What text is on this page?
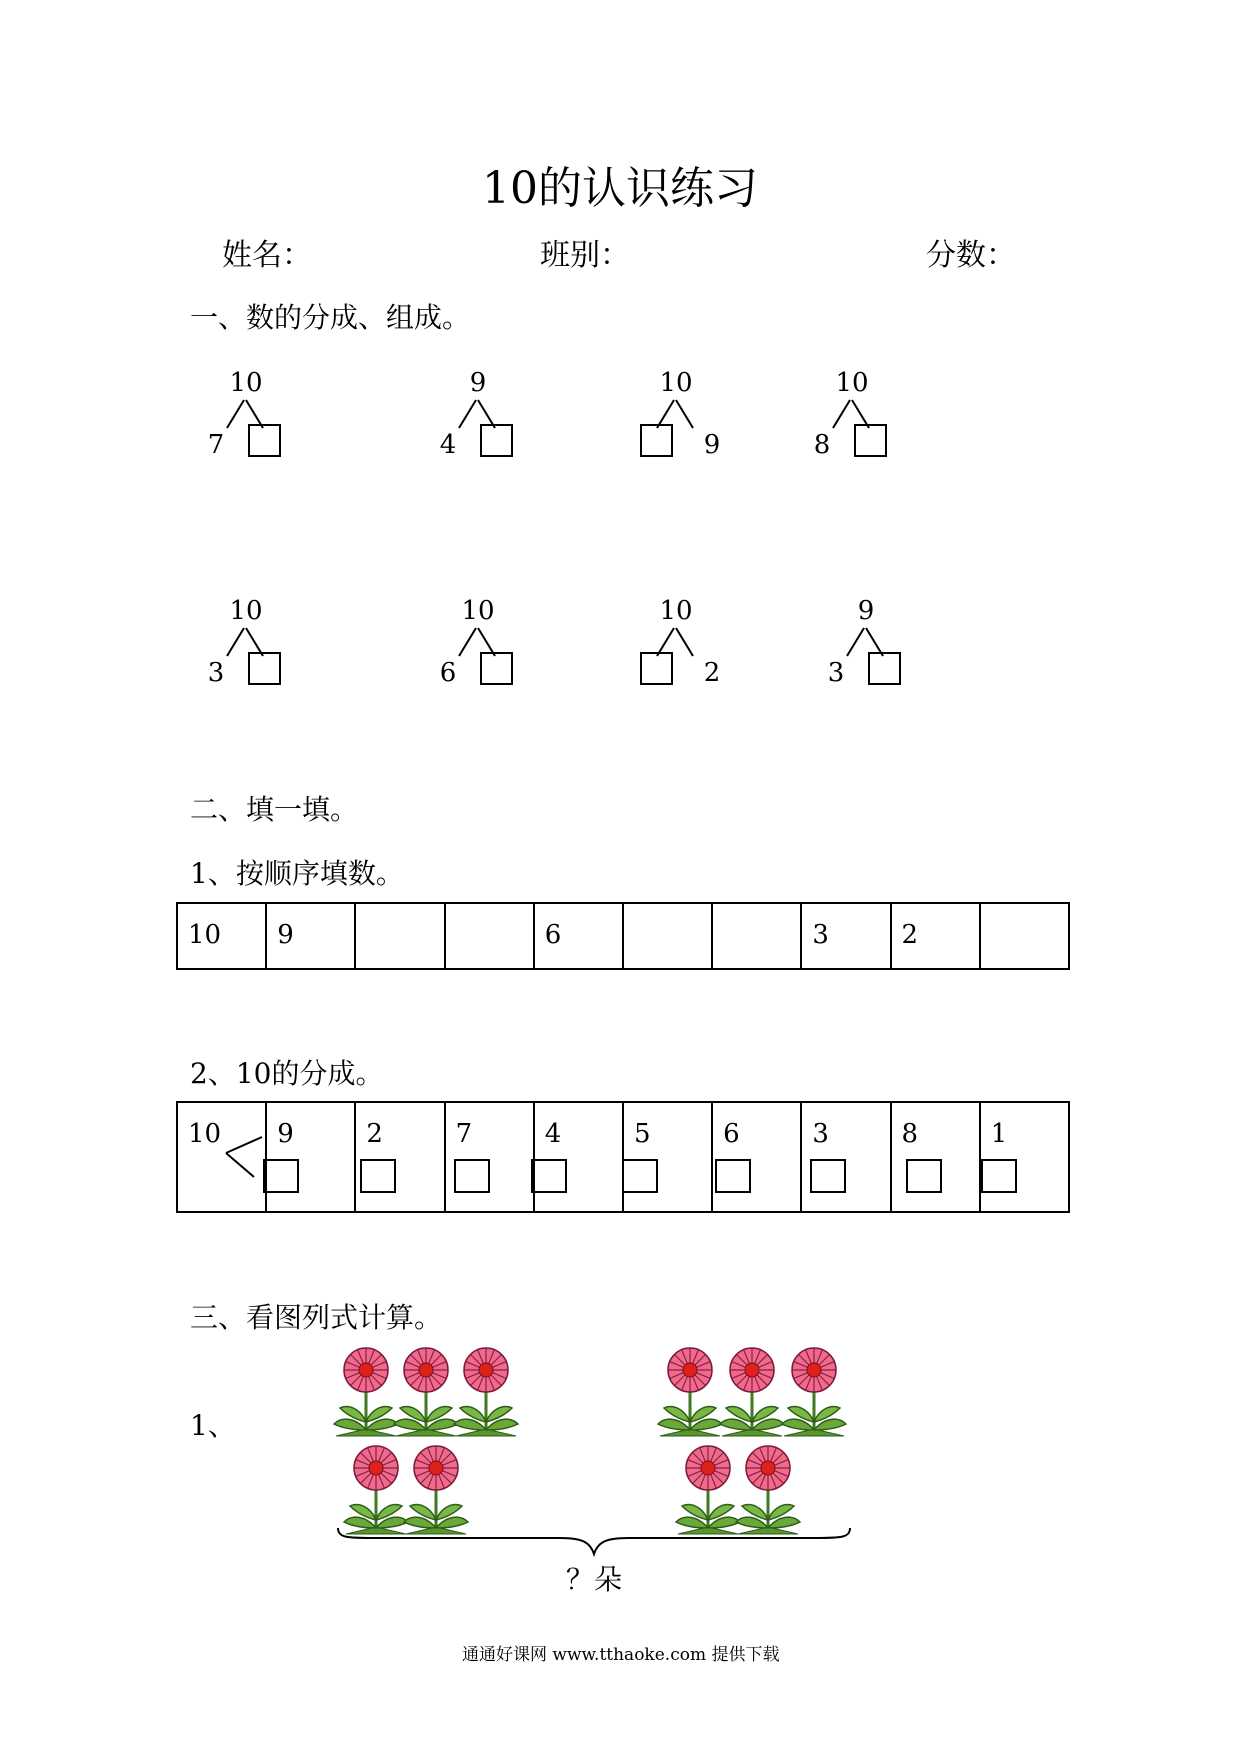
10的认识练习
姓名：	班别：	分数：
一、数的分成、组成。
10
7
9
4
10
9
10
8
10
3
10
6
10
2
9
3
二、填一填。
1、按顺序填数。
10	9			6			3	2

2、10的分成。
10	9	2	7	4	5	6	3	8	1
三、看图列式计算。
1、
？朵
通通好课网 www.tthaoke.com 提供下载
